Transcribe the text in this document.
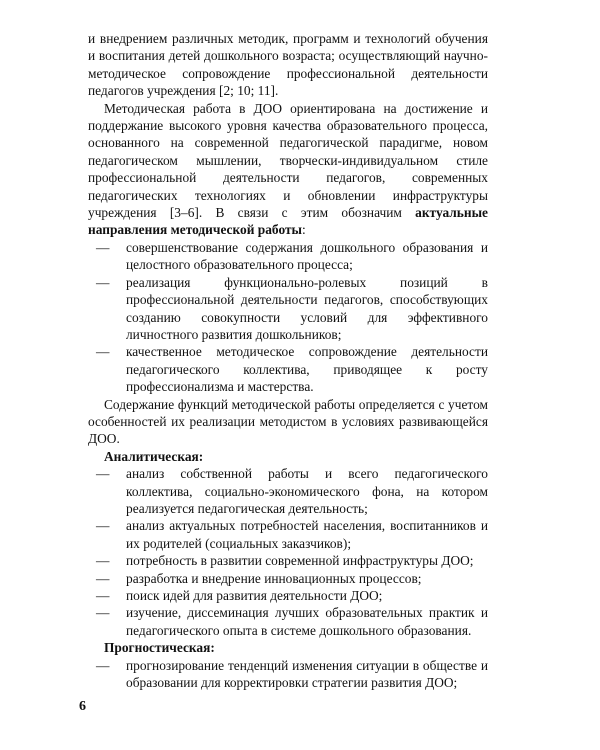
и внедрением различных методик, программ и технологий обучения и воспитания детей дошкольного возраста; осуществляющий научно-методическое сопровождение профессиональной деятельности педагогов учреждения [2; 10; 11].

Методическая работа в ДОО ориентирована на достижение и поддержание высокого уровня качества образовательного процесса, основанного на современной педагогической парадигме, новом педагогическом мышлении, творчески-индивидуальном стиле профессиональной деятельности педагогов, современных педагогических технологиях и обновлении инфраструктуры учреждения [3–6]. В связи с этим обозначим актуальные направления методической работы:

— совершенствование содержания дошкольного образования и целостного образовательного процесса;
— реализация функционально-ролевых позиций в профессиональной деятельности педагогов, способствующих созданию совокупности условий для эффективного личностного развития дошкольников;
— качественное методическое сопровождение деятельности педагогического коллектива, приводящее к росту профессионализма и мастерства.

Содержание функций методической работы определяется с учетом особенностей их реализации методистом в условиях развивающейся ДОО.

Аналитическая:

— анализ собственной работы и всего педагогического коллектива, социально-экономического фона, на котором реализуется педагогическая деятельность;
— анализ актуальных потребностей населения, воспитанников и их родителей (социальных заказчиков);
— потребность в развитии современной инфраструктуры ДОО;
— разработка и внедрение инновационных процессов;
— поиск идей для развития деятельности ДОО;
— изучение, диссеминация лучших образовательных практик и педагогического опыта в системе дошкольного образования.

Прогностическая:

— прогнозирование тенденций изменения ситуации в обществе и образовании для корректировки стратегии развития ДОО;
6
